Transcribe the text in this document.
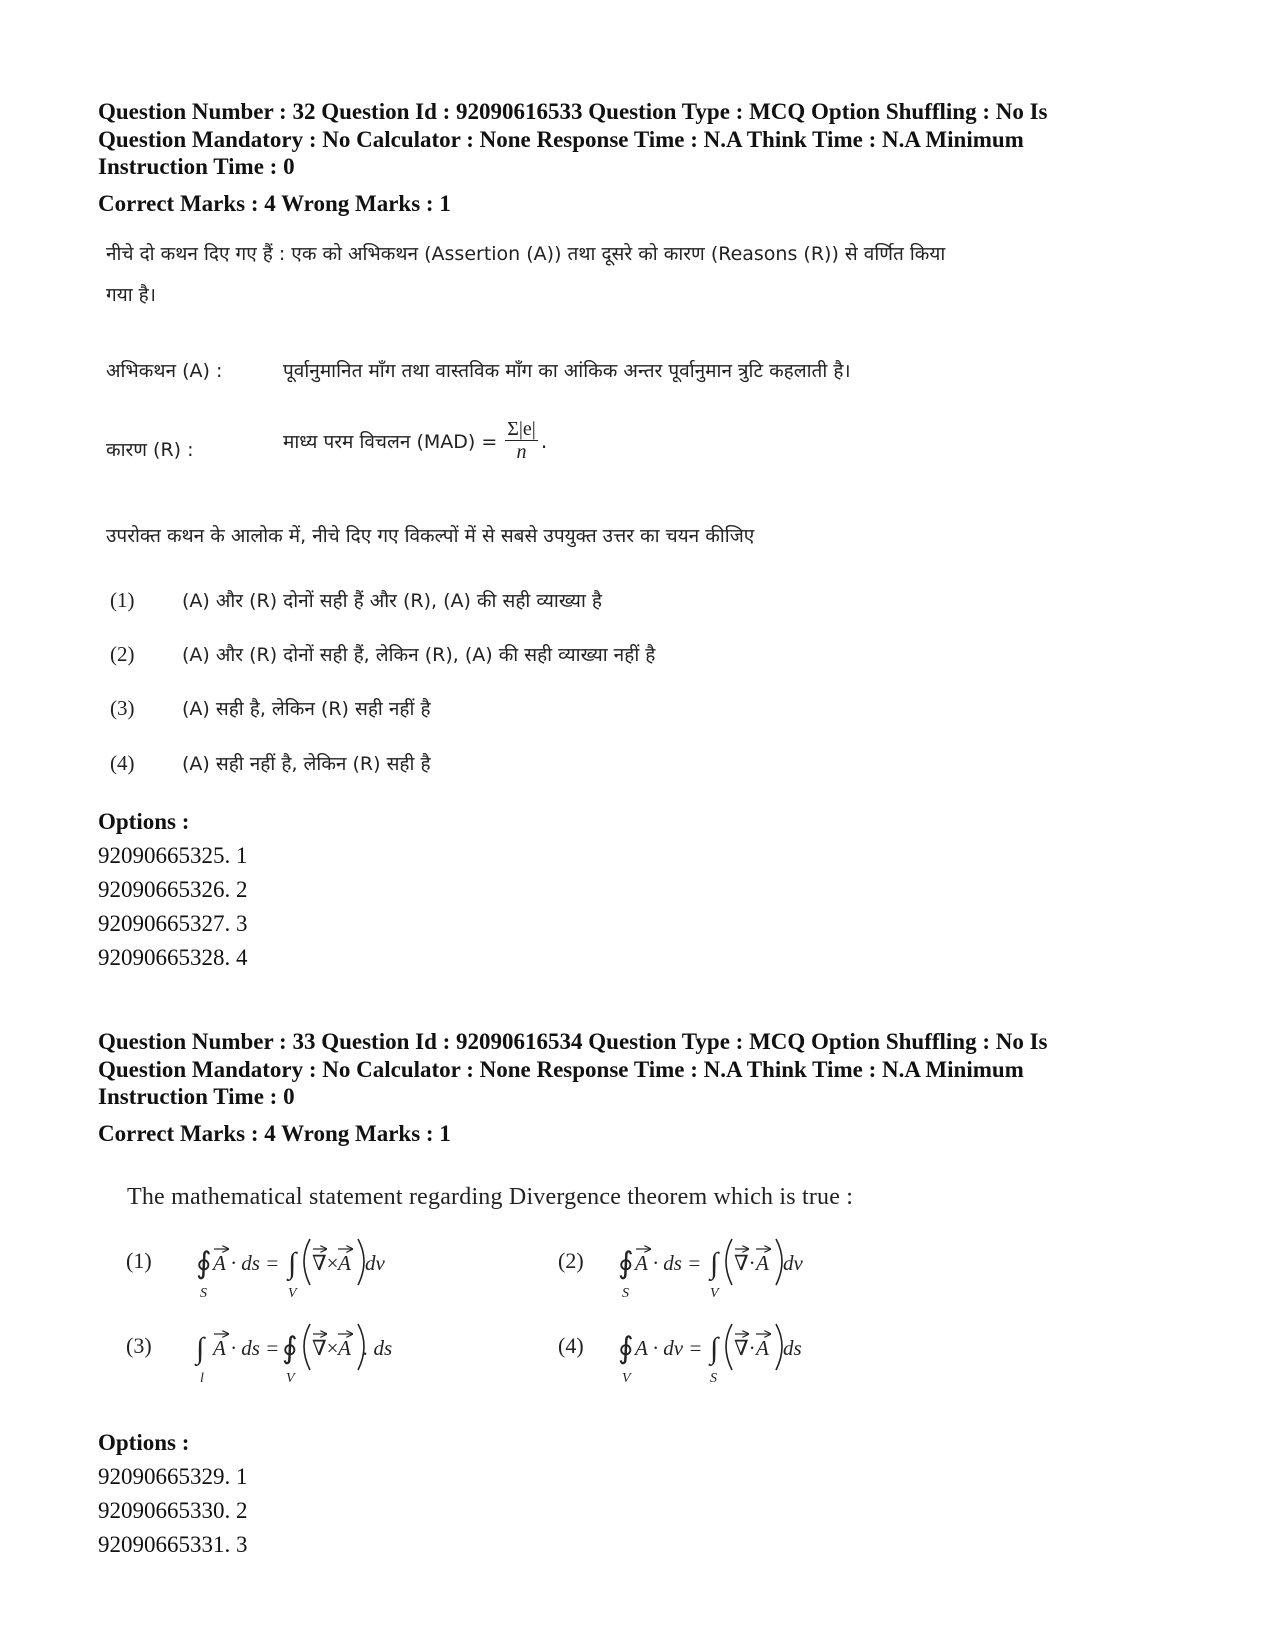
Question Number : 32 Question Id : 92090616533 Question Type : MCQ Option Shuffling : No Is
Question Mandatory : No Calculator : None Response Time : N.A Think Time : N.A Minimum
Instruction Time : 0
Correct Marks : 4 Wrong Marks : 1
नीचे दो कथन दिए गए हैं : एक को अभिकथन (Assertion (A)) तथा दूसरे को कारण (Reasons (R)) से वर्णित किया
गया है।
अभिकथन (A) :	पूर्वानुमानित माँग तथा वास्तविक माँग का आंकिक अन्तर पूर्वानुमान त्रुटि कहलाती है।
कारण (R) :	माध्य परम विचलन $(MAD) = \frac{\Sigma|e|}{n}$ .
उपरोक्त कथन के आलोक में, नीचे दिए गए विकल्पों में से सबसे उपयुक्त उत्तर का चयन कीजिए
(1)	(A) और (R) दोनों सही हैं और (R), (A) की सही व्याख्या है
(2)	(A) और (R) दोनों सही हैं, लेकिन (R), (A) की सही व्याख्या नहीं है
(3)	(A) सही है, लेकिन (R) सही नहीं है
(4)	(A) सही नहीं है, लेकिन (R) सही है
Options :
92090665325. 1
92090665326. 2
92090665327. 3
92090665328. 4
Question Number : 33 Question Id : 92090616534 Question Type : MCQ Option Shuffling : No Is
Question Mandatory : No Calculator : None Response Time : N.A Think Time : N.A Minimum
Instruction Time : 0
Correct Marks : 4 Wrong Marks : 1
The mathematical statement regarding Divergence theorem which is true :
(1) ∮
S
A · ds = ∫
V
∇× A dv	(2) ∮
S
A · ds = ∫
V
∇· A dv
(3) ∫
l
A · ds = ∮
V
∇× A . ds	(4) ∮
V
A · dv = ∫
S
∇· A ds
Options :
92090665329. 1
92090665330. 2
92090665331. 3
